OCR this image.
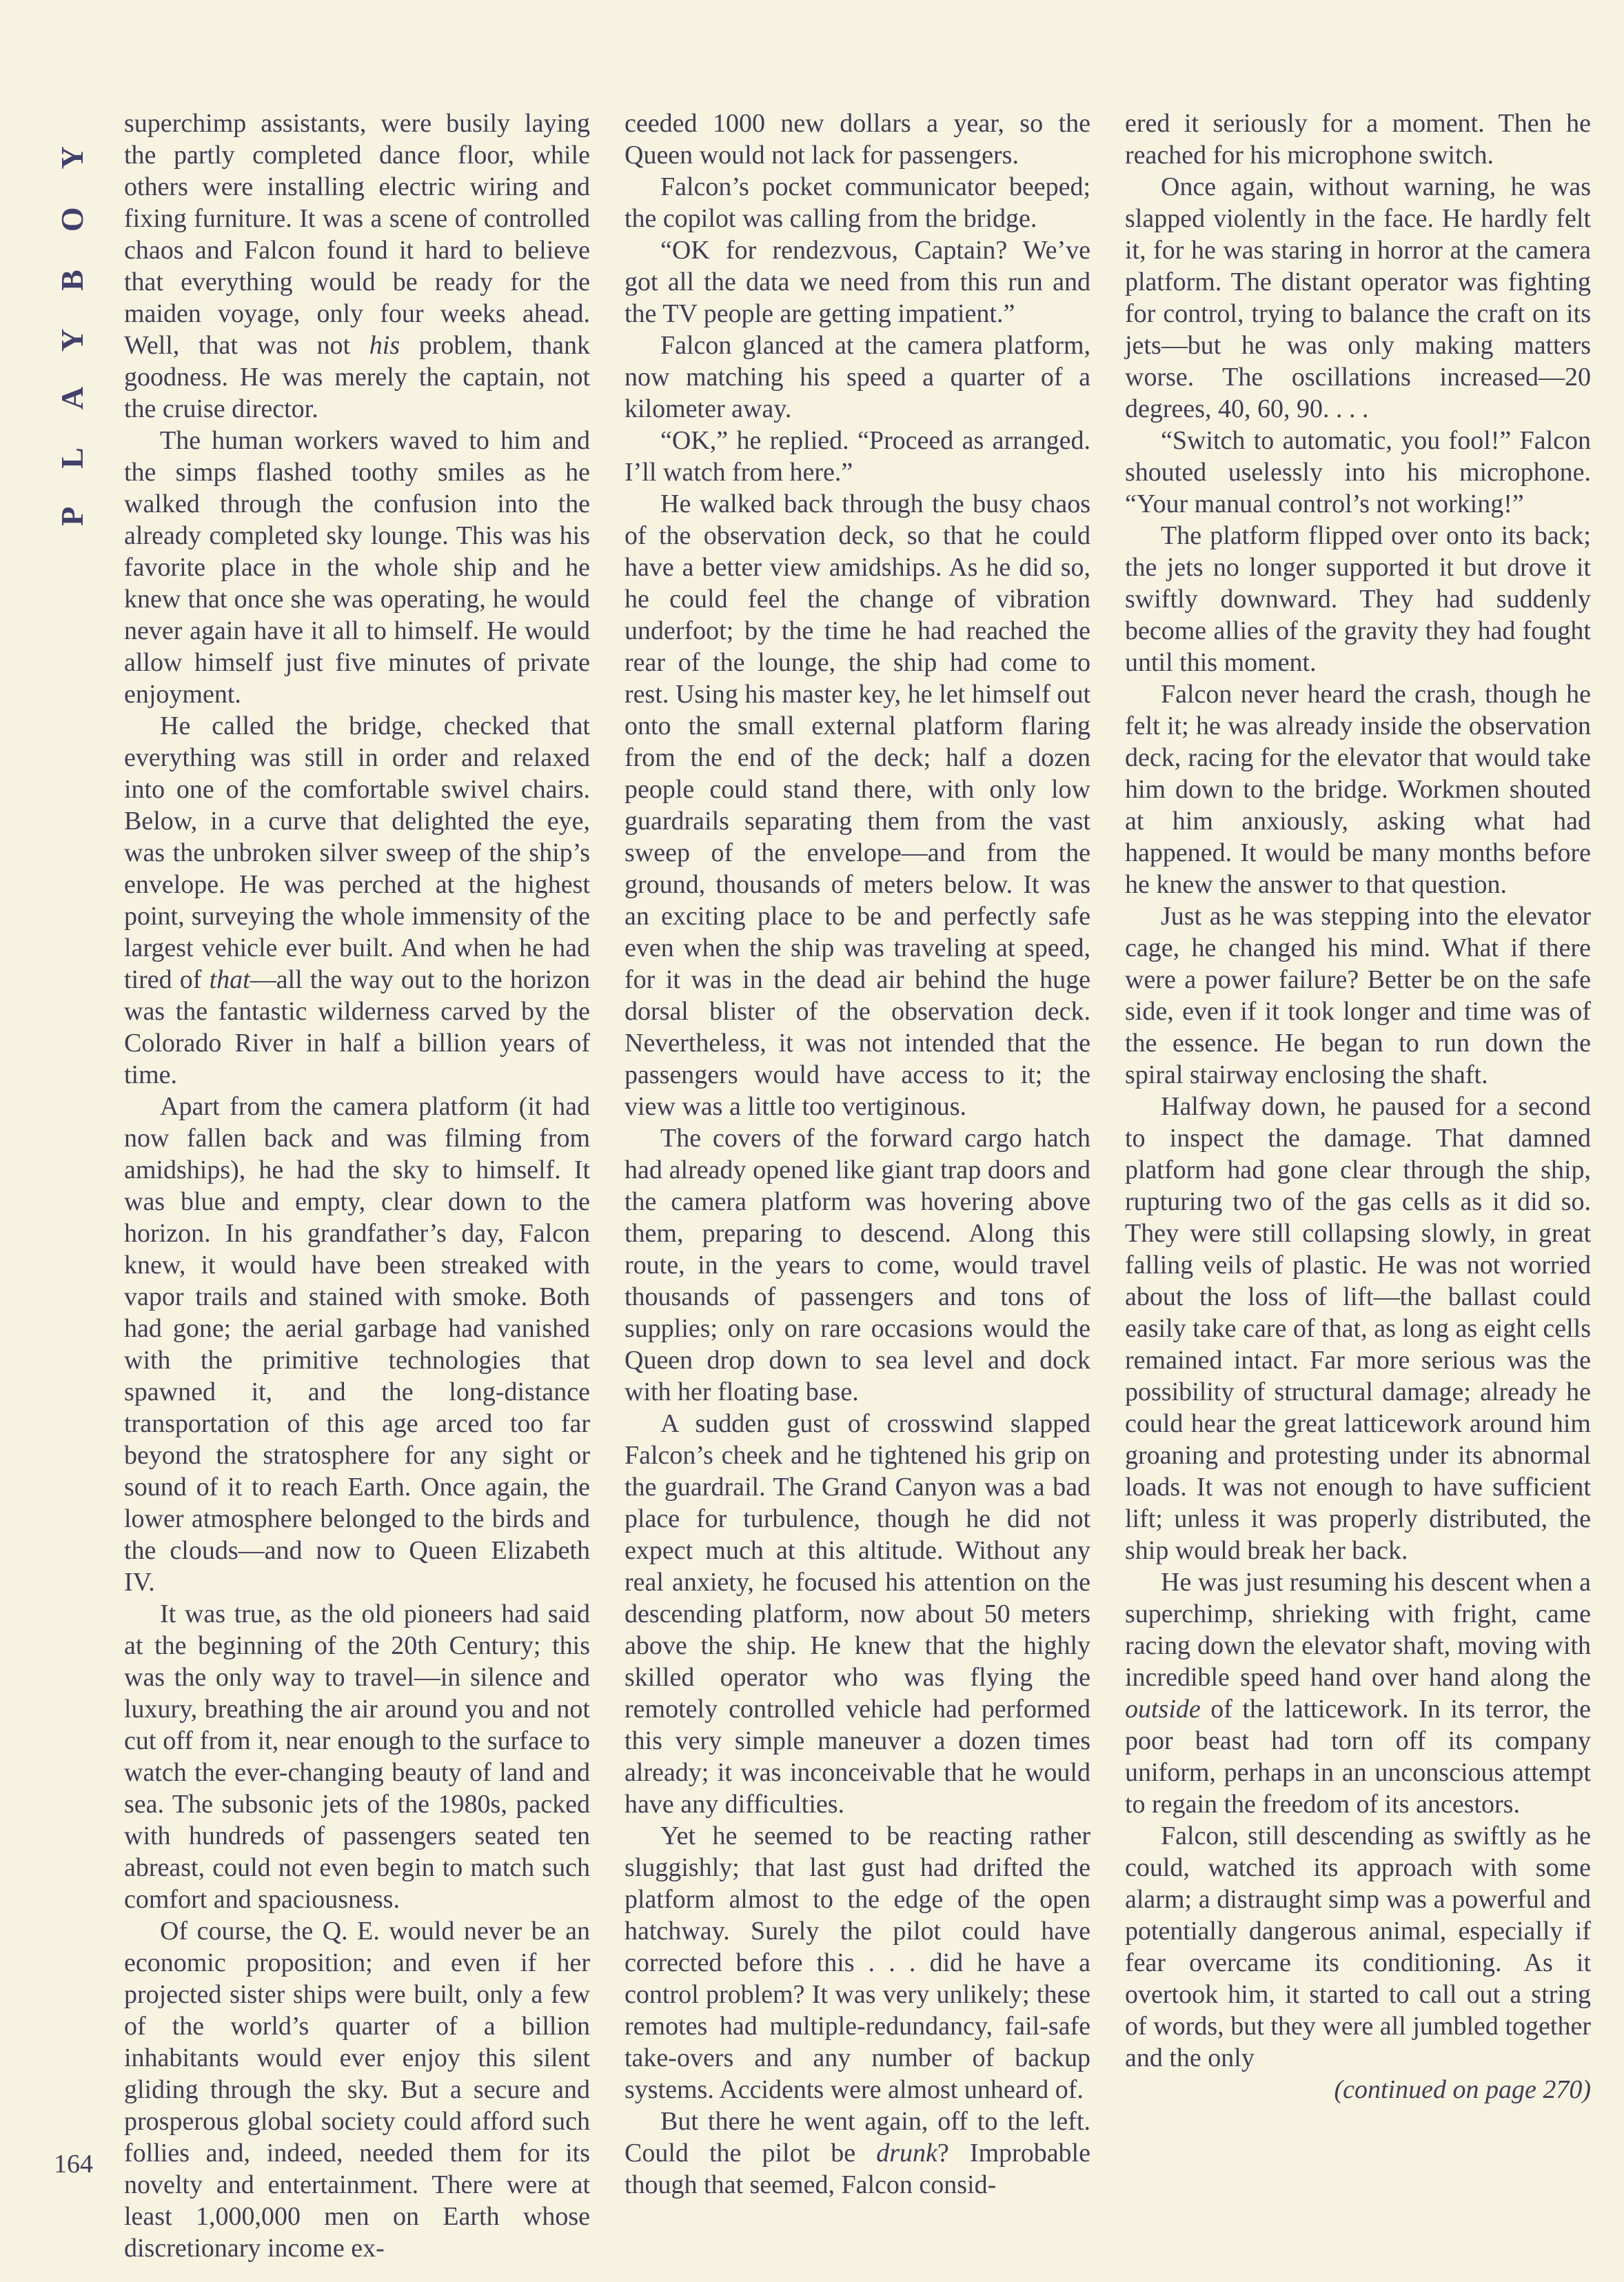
PLAYBOY superchimp assistants, were busily laying the partly completed dance floor, while others were installing electric wiring and fixing furniture. It was a scene of controlled chaos and Falcon found it hard to believe that everything would be ready for the maiden voyage, only four weeks ahead. Well, that was not his problem, thank goodness. He was merely the captain, not the cruise director.

The human workers waved to him and the simps flashed toothy smiles as he walked through the confusion into the already completed sky lounge. This was his favorite place in the whole ship and he knew that once she was operating, he would never again have it all to himself. He would allow himself just five minutes of private enjoyment.

He called the bridge, checked that everything was still in order and relaxed into one of the comfortable swivel chairs. Below, in a curve that delighted the eye, was the unbroken silver sweep of the ship’s envelope. He was perched at the highest point, surveying the whole immensity of the largest vehicle ever built. And when he had tired of that—all the way out to the horizon was the fantastic wilderness carved by the Colorado River in half a billion years of time.

Apart from the camera platform (it had now fallen back and was filming from amidships), he had the sky to himself. It was blue and empty, clear down to the horizon. In his grandfather’s day, Falcon knew, it would have been streaked with vapor trails and stained with smoke. Both had gone; the aerial garbage had vanished with the primitive technologies that spawned it, and the long-distance transportation of this age arced too far beyond the stratosphere for any sight or sound of it to reach Earth. Once again, the lower atmosphere belonged to the birds and the clouds—and now to Queen Elizabeth IV.

It was true, as the old pioneers had said at the beginning of the 20th Century; this was the only way to travel—in silence and luxury, breathing the air around you and not cut off from it, near enough to the surface to watch the ever-changing beauty of land and sea. The subsonic jets of the 1980s, packed with hundreds of passengers seated ten abreast, could not even begin to match such comfort and spaciousness.

Of course, the Q. E. would never be an economic proposition; and even if her projected sister ships were built, only a few of the world’s quarter of a billion inhabitants would ever enjoy this silent gliding through the sky. But a secure and prosperous global society could afford such follies and, indeed, needed them for its novelty and entertainment. There were at least 1,000,000 men on Earth whose discretionary income ex-

ceeded 1000 new dollars a year, so the Queen would not lack for passengers.

Falcon’s pocket communicator beeped; the copilot was calling from the bridge.

“OK for rendezvous, Captain? We’ve got all the data we need from this run and the TV people are getting impatient.”

Falcon glanced at the camera platform, now matching his speed a quarter of a kilometer away.

“OK,” he replied. “Proceed as arranged. I’ll watch from here.”

He walked back through the busy chaos of the observation deck, so that he could have a better view amidships. As he did so, he could feel the change of vibration underfoot; by the time he had reached the rear of the lounge, the ship had come to rest. Using his master key, he let himself out onto the small external platform flaring from the end of the deck; half a dozen people could stand there, with only low guardrails separating them from the vast sweep of the envelope—and from the ground, thousands of meters below. It was an exciting place to be and perfectly safe even when the ship was traveling at speed, for it was in the dead air behind the huge dorsal blister of the observation deck. Nevertheless, it was not intended that the passengers would have access to it; the view was a little too vertiginous.

The covers of the forward cargo hatch had already opened like giant trap doors and the camera platform was hovering above them, preparing to descend. Along this route, in the years to come, would travel thousands of passengers and tons of supplies; only on rare occasions would the Queen drop down to sea level and dock with her floating base.

A sudden gust of crosswind slapped Falcon’s cheek and he tightened his grip on the guardrail. The Grand Canyon was a bad place for turbulence, though he did not expect much at this altitude. Without any real anxiety, he focused his attention on the descending platform, now about 50 meters above the ship. He knew that the highly skilled operator who was flying the remotely controlled vehicle had performed this very simple maneuver a dozen times already; it was inconceivable that he would have any difficulties.

Yet he seemed to be reacting rather sluggishly; that last gust had drifted the platform almost to the edge of the open hatchway. Surely the pilot could have corrected before this . . . did he have a control problem? It was very unlikely; these remotes had multiple-redundancy, fail-safe take-overs and any number of backup systems. Accidents were almost unheard of.

But there he went again, off to the left. Could the pilot be drunk? Improbable though that seemed, Falcon consid-

ered it seriously for a moment. Then he reached for his microphone switch.

Once again, without warning, he was slapped violently in the face. He hardly felt it, for he was staring in horror at the camera platform. The distant operator was fighting for control, trying to balance the craft on its jets—but he was only making matters worse. The oscillations increased—20 degrees, 40, 60, 90. . . .

“Switch to automatic, you fool!” Falcon shouted uselessly into his microphone. “Your manual control’s not working!”

The platform flipped over onto its back; the jets no longer supported it but drove it swiftly downward. They had suddenly become allies of the gravity they had fought until this moment.

Falcon never heard the crash, though he felt it; he was already inside the observation deck, racing for the elevator that would take him down to the bridge. Workmen shouted at him anxiously, asking what had happened. It would be many months before he knew the answer to that question.

Just as he was stepping into the elevator cage, he changed his mind. What if there were a power failure? Better be on the safe side, even if it took longer and time was of the essence. He began to run down the spiral stairway enclosing the shaft.

Halfway down, he paused for a second to inspect the damage. That damned platform had gone clear through the ship, rupturing two of the gas cells as it did so. They were still collapsing slowly, in great falling veils of plastic. He was not worried about the loss of lift—the ballast could easily take care of that, as long as eight cells remained intact. Far more serious was the possibility of structural damage; already he could hear the great latticework around him groaning and protesting under its abnormal loads. It was not enough to have sufficient lift; unless it was properly distributed, the ship would break her back.

He was just resuming his descent when a superchimp, shrieking with fright, came racing down the elevator shaft, moving with incredible speed hand over hand along the outside of the latticework. In its terror, the poor beast had torn off its company uniform, perhaps in an unconscious attempt to regain the freedom of its ancestors.

Falcon, still descending as swiftly as he could, watched its approach with some alarm; a distraught simp was a powerful and potentially dangerous animal, especially if fear overcame its conditioning. As it overtook him, it started to call out a string of words, but they were all jumbled together and the only

(continued on page 270)

164
